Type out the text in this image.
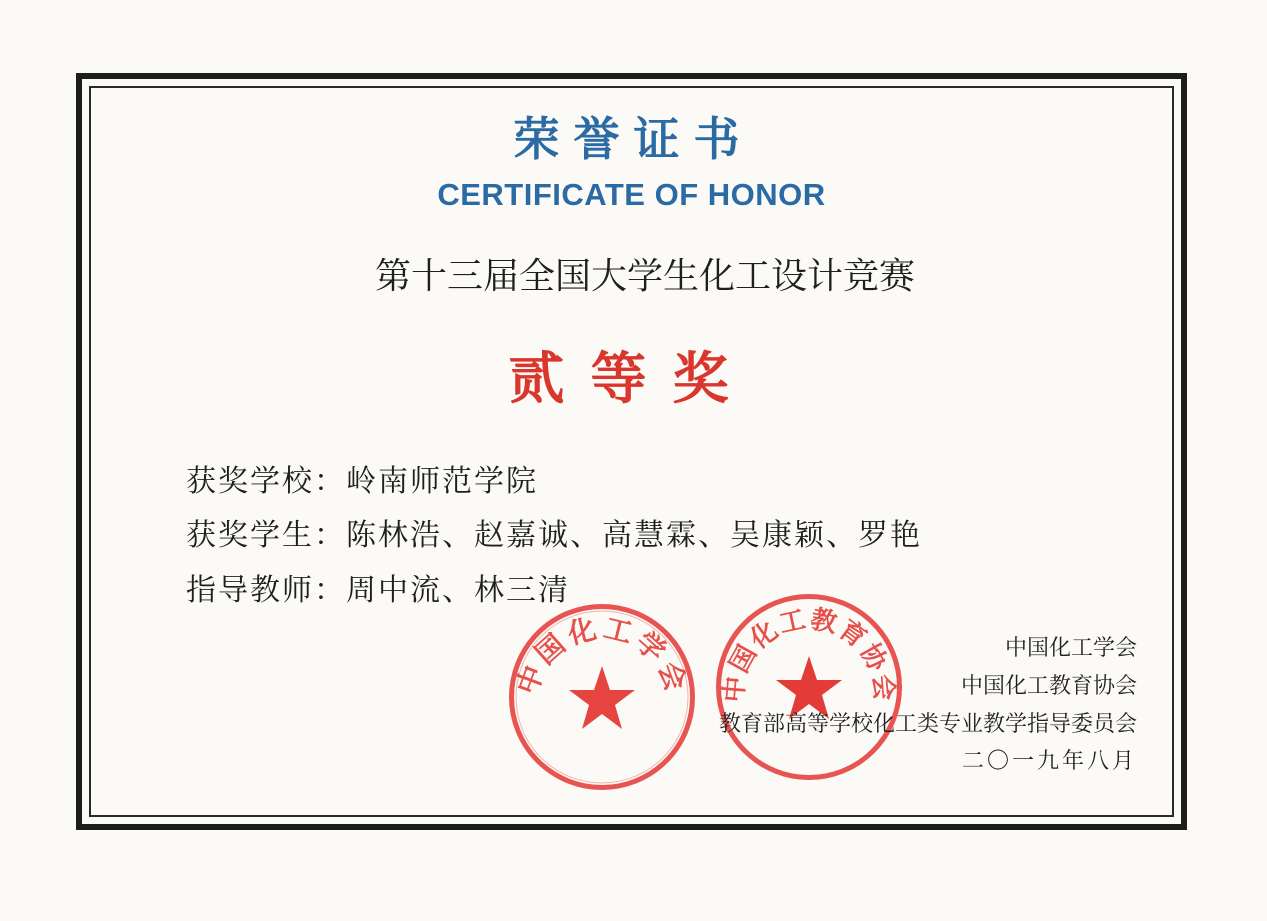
荣誉证书
CERTIFICATE OF HONOR
第十三届全国大学生化工设计竞赛
贰等奖
获奖学校：岭南师范学院
获奖学生：陈林浩、赵嘉诚、高慧霖、吴康颖、罗艳
指导教师：周中流、林三清
中国化工学会 中国化工教育协会
中国化工学会
中国化工教育协会
教育部高等学校化工类专业教学指导委员会
二〇一九年八月
